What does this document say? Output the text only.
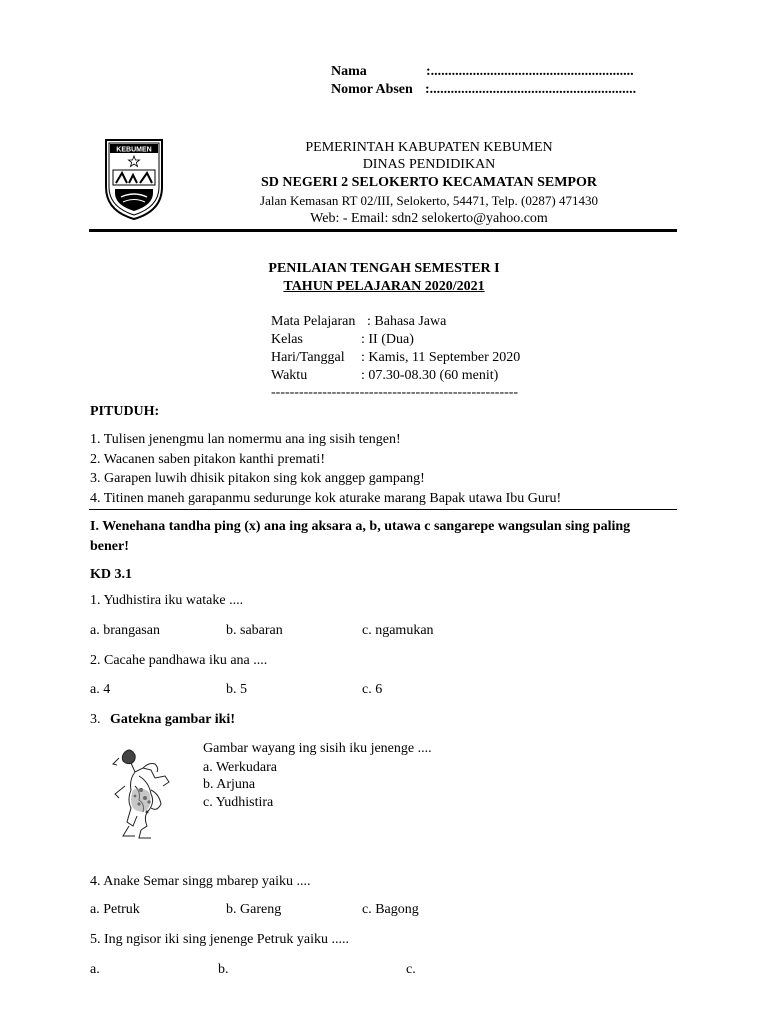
Nama	:..........................................................
Nomor Absen :...........................................................
KEBUMEN	PEMERINTAH KABUPATEN KEBUMEN
DINAS PENDIDIKAN
SD NEGERI 2 SELOKERTO KECAMATAN SEMPOR
Jalan Kemasan RT 02/III, Selokerto, 54471, Telp. (0287) 471430
Web: - Email: sdn2 selokerto@yahoo.com
PENILAIAN TENGAH SEMESTER I
TAHUN PELAJARAN 2020/2021
Mata Pelajaran : Bahasa Jawa
Kelas	: II (Dua)
Hari/Tanggal : Kamis, 11 September 2020
Waktu	: 07.30-08.30 (60 menit)
-----------------------------------------------------
PITUDUH:
1. Tulisen jenengmu lan nomermu ana ing sisih tengen!
2. Wacanen saben pitakon kanthi premati!
3. Garapen luwih dhisik pitakon sing kok anggep gampang!
4. Titinen maneh garapanmu sedurunge kok aturake marang Bapak utawa Ibu Guru!
I. Wenehana tandha ping (x) ana ing aksara a, b, utawa c sangarepe wangsulan sing paling
bener!
KD 3.1
1. Yudhistira iku watake ....
a. brangasan	b. sabaran	c. ngamukan
2. Cacahe pandhawa iku ana ....
a. 4	b. 5	c. 6
3. Gatekna gambar iki!
Gambar wayang ing sisih iku jenenge ....
a. Werkudara
b. Arjuna
c. Yudhistira
4. Anake Semar singg mbarep yaiku ....
a. Petruk	b. Gareng	c. Bagong
5. Ing ngisor iki sing jenenge Petruk yaiku .....
a.	b.	c.
